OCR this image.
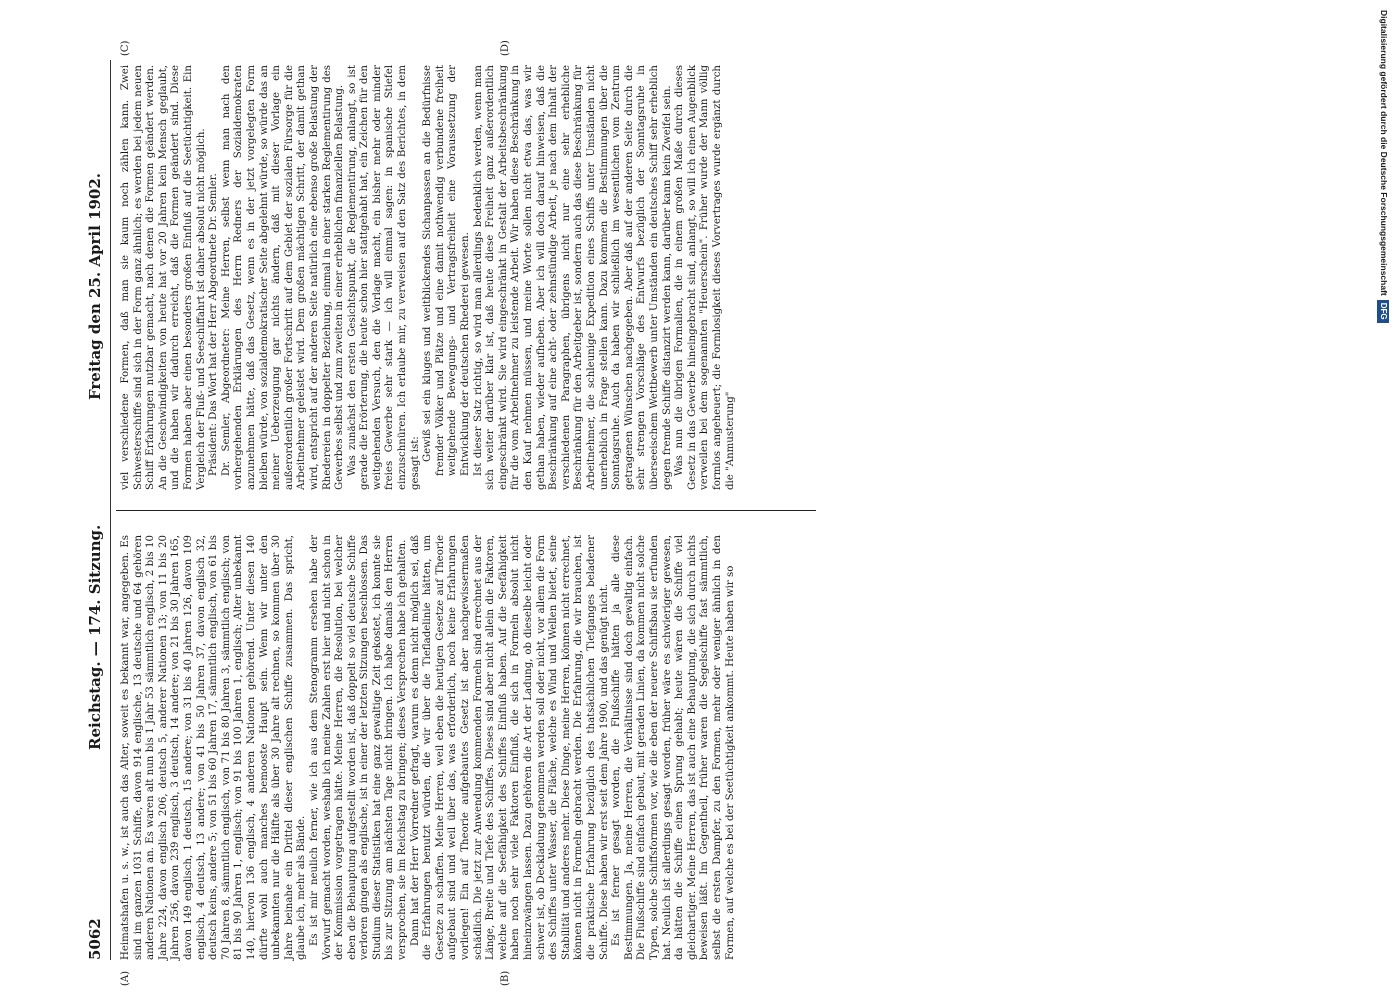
5062
Reichstag. — 174. Sitzung.
Freitag den 25. April 1902.
(A)	(B)
(C)	(D)

Heimatshafen u. s. w., ist auch das Alter, soweit es bekannt war, angegeben. Es sind im ganzen 1031 Schiffe, davon 914 englische, 13 deutsche und 64 gehören anderen Nationen an. Es waren alt nun bis 1 Jahr 53 sämmtlich englisch, 2 bis 10 Jahre 224, davon englisch 206, deutsch 5, anderer Nationen 13; von 11 bis 20 Jahren 256, davon 239 englisch, 3 deutsch, 14 andere; von 21 bis 30 Jahren 165, davon 149 englisch, 1 deutsch, 15 andere; von 31 bis 40 Jahren 126, davon 109 englisch, 4 deutsch, 13 andere; von 41 bis 50 Jahren 37, davon englisch 32, deutsch keins, andere 5; von 51 bis 60 Jahren 17, sämmtlich englisch, von 61 bis 70 Jahren 8, sämmtlich englisch, von 71 bis 80 Jahren 3, sämmtlich englisch; von 81 bis 90 Jahren 1, englisch; von 91 bis 100 Jahren 1, englisch; Alter unbekannt 140, hiervon 136 englisch, 4 anderen Nationen gehörend. Unter diesen 140 dürfte wohl auch manches bemooste Haupt sein. Wenn wir unter den unbekannten nur die Hälfte als über 30 Jahre alt rechnen, so kommen über 30 Jahre beinahe ein Drittel dieser englischen Schiffe zusammen. Das spricht, glaube ich, mehr als Bände. Es ist mir neulich ferner, wie ich aus dem Stenogramm ersehen habe der Vorwurf gemacht worden, weshalb ich meine Zahlen erst hier und nicht schon in der Kommission vorgetragen hätte. Meine Herren, die Resolution, bei welcher eben die Behauptung aufgestellt worden ist, daß doppelt so viel deutsche Schiffe verloren gingen als englische, ist in einer der letzten Sitzungen beschlossen. Das Studium dieser Statistiken hat eine ganz gewaltige Zeit gekostet, ich konnte sie bis zur Sitzung am nächsten Tage nicht bringen. Ich habe damals den Herren versprochen, sie im Reichstag zu bringen; dieses Versprechen habe ich gehalten. Dann hat der Herr Vorredner gefragt, warum es denn nicht möglich sei, daß die Erfahrungen benutzt würden, die wir über die Tiefladelinie hätten, um Gesetze zu schaffen. Meine Herren, weil eben die heutigen Gesetze auf Theorie aufgebaut sind und weil über das, was erforderlich, noch keine Erfahrungen vorliegen! Ein auf Theorie aufgebautes Gesetz ist aber nachgewissermaßen schädlich. Die jetzt zur Anwendung kommenden Formeln sind errechnet aus der Länge, Breite und Tiefe des Schiffes. Dieses sind aber nicht allein die Faktoren, welche auf die Seefähigkeit des Schiffes Einfluß haben. Auf die Seefähigkeit haben noch sehr viele Faktoren Einfluß, die sich in Formeln absolut nicht hineinzwängen lassen. Dazu gehören die Art der Ladung, ob dieselbe leicht oder schwer ist, ob Deckladung genommen werden soll oder nicht, vor allem die Form des Schiffes unter Wasser, die Fläche, welche es Wind und Wellen bietet, seine Stabilität und anderes mehr. Diese Dinge, meine Herren, können nicht errechnet, können nicht in Formeln gebracht werden. Die Erfahrung, die wir brauchen, ist die praktische Erfahrung bezüglich des thatsächlichen Tiefganges beladener Schiffe. Diese haben wir erst seit dem Jahre 1900, und das genügt nicht. Es ist ferner gesagt worden, die Flußschiffe hätten ja alle diese Bestimmungen. Ja, meine Herren, die Verhältnisse sind doch gewaltig einfach. Die Flußschiffe sind einfach gebaut, mit geraden Linien, da kommen nicht solche Typen, solche Schiffsformen vor, wie die eben der neuere Schiffsbau sie erfunden hat. Neulich ist allerdings gesagt worden, früher wäre es schwieriger gewesen, da hätten die Schiffe einen Sprung gehabt; heute wären die Schiffe viel gleichartiger. Meine Herren, das ist auch eine Behauptung, die sich durch nichts beweisen läßt. Im Gegentheil, früher waren die Segelschiffe fast sämmtlich, selbst die ersten Dampfer, zu den Formen, mehr oder weniger ähnlich in den Formen, auf welche es bei der Seetüchtigkeit ankommt. Heute haben wir so

viel verschiedene Formen, daß man sie kaum noch zählen kann. Zwei Schwesterschiffe sind sich in der Form ganz ähnlich; es werden bei jedem neuen Schiff Erfahrungen nutzbar gemacht, nach denen die Formen geändert werden. An die Geschwindigkeiten von heute hat vor 20 Jahren kein Mensch geglaubt, und die haben wir dadurch erreicht, daß die Formen geändert sind. Diese Formen haben aber einen besonders großen Einfluß auf die Seetüchtigkeit. Ein Vergleich der Fluß- und Seeschiffahrt ist daher absolut nicht möglich. Präsident: Das Wort hat der Herr Abgeordnete Dr. Semler. Dr. Semler, Abgeordneter: Meine Herren, selbst wenn man nach den vorhergehenden Erklärungen des Herrn Redners der Sozialdemokraten anzunehmen hätte, daß das Gesetz, wenn es in der jetzt vorgelegten Form bleiben würde, von sozialdemokratischer Seite abgelehnt würde, so würde das an meiner Ueberzeugung gar nichts ändern, daß mit dieser Vorlage ein außerordentlich großer Fortschritt auf dem Gebiet der sozialen Fürsorge für die Arbeitnehmer geleistet wird. Dem großen mächtigen Schritt, der damit gethan wird, entspricht auf der anderen Seite natürlich eine ebenso große Belastung der Rhedereien in doppelter Beziehung, einmal in einer starken Reglementirung des Gewerbes selbst und zum zweiten in einer erheblichen finanziellen Belastung. Was zunächst den ersten Gesichtspunkt, die Reglementirung, anlangt, so ist gerade die Erörterung, die heute schon hier stattgehabt hat, ein Zeichen für den weitgehenden Versuch, den die Vorlage macht, ein bisher mehr oder minder freies Gewerbe sehr stark — ich will einmal sagen: in spanische Stiefel einzuschnüren. Ich erlaube mir, zu verweisen auf den Satz des Berichtes, in dem gesagt ist:

Gewiß sei ein kluges und weitblickendes Sichanpassen an die Bedürfnisse fremder Völker und Plätze und eine damit nothwendig verbundene freiheit weitgehende Bewegungs- und Vertragsfreiheit eine Voraussetzung der Entwicklung der deutschen Rhederei gewesen. Ist dieser Satz richtig, so wird man allerdings bedenklich werden, wenn man sich weiter darüber klar ist, daß heute diese Freiheit ganz außerordentlich eingeschränkt wird. Sie wird eingeschränkt in Gestalt der Arbeitsbeschränkung für die vom Arbeitnehmer zu leistende Arbeit. Wir haben diese Beschränkung in den Kauf nehmen müssen, und meine Worte sollen nicht etwa das, was wir gethan haben, wieder aufheben. Aber ich will doch darauf hinweisen, daß die Beschränkung auf eine acht- oder zehnstündige Arbeit, je nach dem Inhalt der verschiedenen Paragraphen, übrigens nicht nur eine sehr erhebliche Beschränkung für den Arbeitgeber ist, sondern auch das diese Beschränkung für Arbeitnehmer, die schleunige Expedition eines Schiffs unter Umständen nicht unerheblich in Frage stellen kann. Dazu kommen die Bestimmungen über die Sonntagsruhe. Auch da haben wir schließlich im wesentlichen vom Zentrum getragenen Wünschen nachgegeben. Aber daß auf der anderen Seite durch die sehr strengen Vorschläge des Entwurfs bezüglich der Sonntagsruhe in überseeischem Wettbewerb unter Umständen ein deutsches Schiff sehr erheblich gegen fremde Schiffe distanzirt werden kann, darüber kann kein Zweifel sein. Was nun die übrigen Formalien, die in einem großen Maße durch dieses Gesetz in das Gewerbe hineingebracht sind, anlangt, so will ich einen Augenblick verweilen bei dem sogenannten "Heuerschein". Früher wurde der Mann völlig formlos angeheuert; die Formlosigkeit dieses Vorvertrages wurde ergänzt durch die "Anmusterung"

Digitalisierung gefördert durch die Deutsche ForschungsgemeinschaftDFG
